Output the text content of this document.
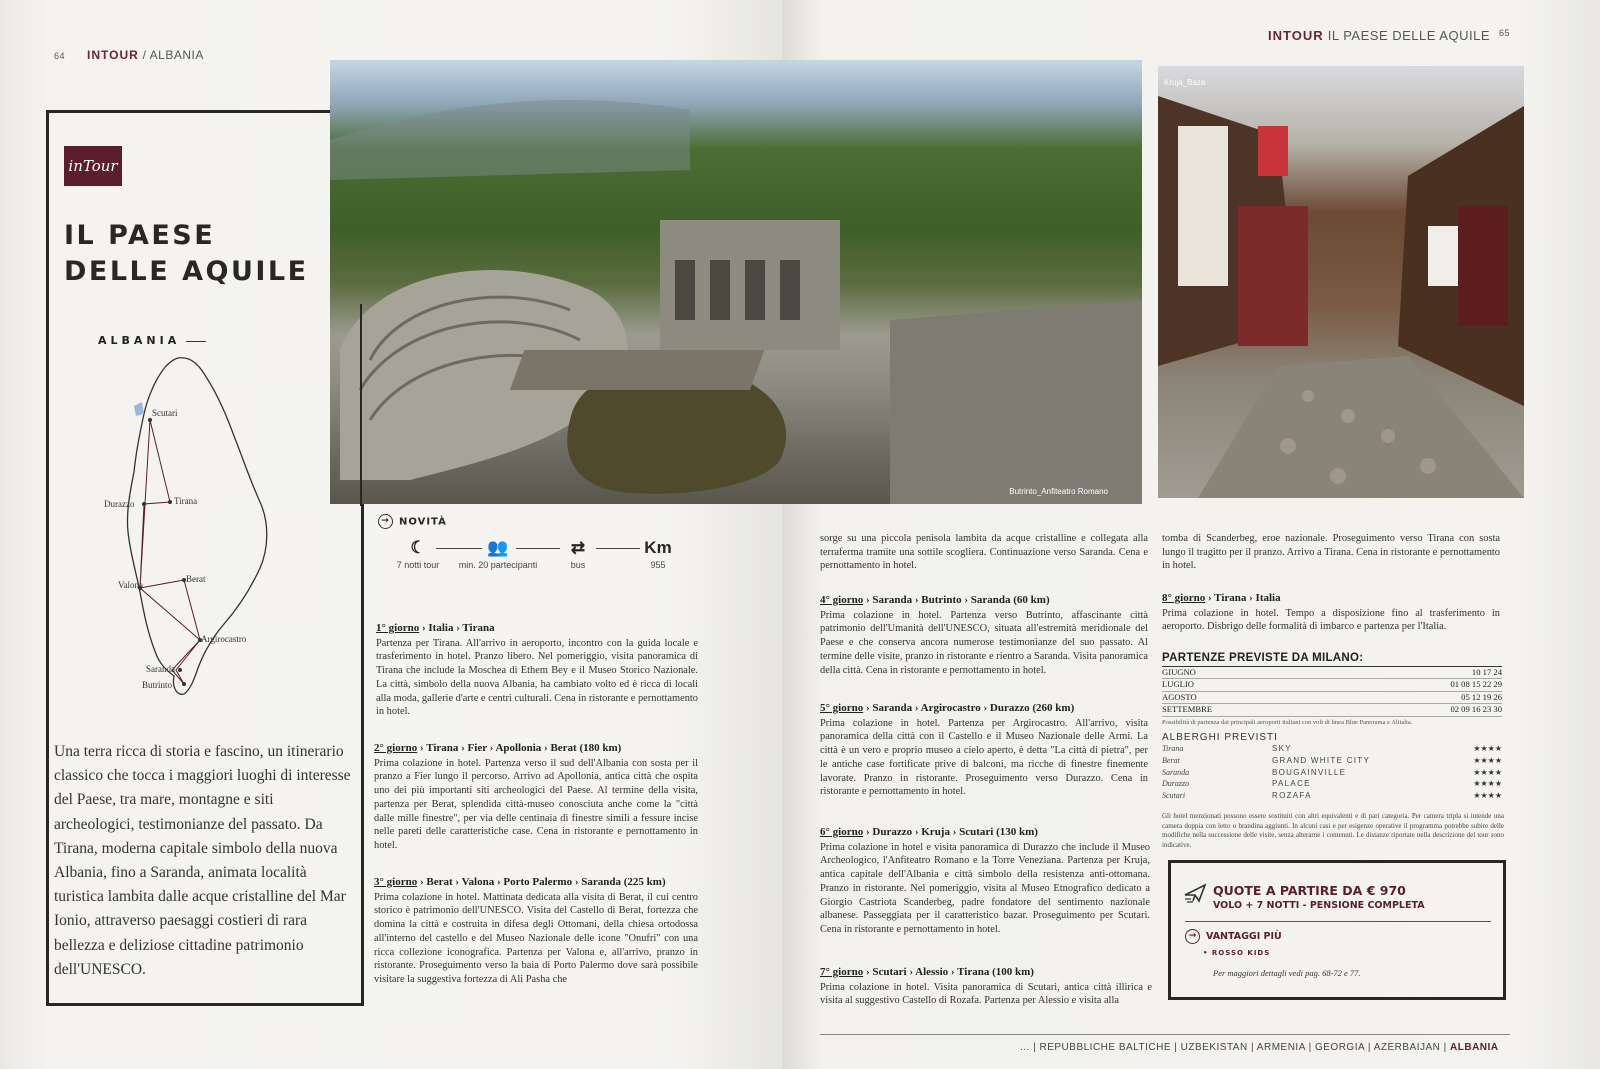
64 INTOUR / ALBANIA
INTOUR IL PAESE DELLE AQUILE 65
inTour
IL PAESE
DELLE AQUILE
ALBANIA
Scutari
Durazzo	Tirana
Valona
Berat
Argirocastro
Saranda
Butrinto
Una terra ricca di storia e fascino, un itinerario classico che tocca i maggiori luoghi di interesse del Paese, tra mare, montagne e siti archeologici, testimonianze del passato. Da Tirana, moderna capitale simbolo della nuova Albania, fino a Saranda, animata località turistica lambita dalle acque cristalline del Mar Ionio, attraverso paesaggi costieri di rara bellezza e deliziose cittadine patrimonio dell'UNESCO.
Butrinto_Anfiteatro Romano
Kruja_Baza
→ NOVITÀ
☾
7 notti tour
👥
min. 20 partecipanti
⇄
bus
Km
955
1° giorno › Italia › Tirana
Partenza per Tirana. All'arrivo in aeroporto, incontro con la guida locale e trasferimento in hotel. Pranzo libero. Nel pomeriggio, visita panoramica di Tirana che include la Moschea di Ethem Bey e il Museo Storico Nazionale. La città, simbolo della nuova Albania, ha cambiato volto ed è ricca di locali alla moda, gallerie d'arte e centri culturali. Cena in ristorante e pernottamento in hotel.
2° giorno › Tirana › Fier › Apollonia › Berat (180 km)
Prima colazione in hotel. Partenza verso il sud dell'Albania con sosta per il pranzo a Fier lungo il percorso. Arrivo ad Apollonia, antica città che ospita uno dei più importanti siti archeologici del Paese. Al termine della visita, partenza per Berat, splendida città-museo conosciuta anche come la "città dalle mille finestre", per via delle centinaia di finestre simili a fessure incise nelle pareti delle caratteristiche case. Cena in ristorante e pernottamento in hotel.
3° giorno › Berat › Valona › Porto Palermo › Saranda (225 km)
Prima colazione in hotel. Mattinata dedicata alla visita di Berat, il cui centro storico è patrimonio dell'UNESCO. Visita del Castello di Berat, fortezza che domina la città e costruita in difesa degli Ottomani, della chiesa ortodossa all'interno del castello e del Museo Nazionale delle icone "Onufri" con una ricca collezione iconografica. Partenza per Valona e, all'arrivo, pranzo in ristorante. Proseguimento verso la baia di Porto Palermo dove sarà possibile visitare la suggestiva fortezza di Ali Pasha che
sorge su una piccola penisola lambita da acque cristalline e collegata alla terraferma tramite una sottile scogliera. Continuazione verso Saranda. Cena e pernottamento in hotel.
4° giorno › Saranda › Butrinto › Saranda (60 km)
Prima colazione in hotel. Partenza verso Butrinto, affascinante città patrimonio dell'Umanità dell'UNESCO, situata all'estremità meridionale del Paese e che conserva ancora numerose testimonianze del suo passato. Al termine delle visite, pranzo in ristorante e rientro a Saranda. Visita panoramica della città. Cena in ristorante e pernottamento in hotel.
5° giorno › Saranda › Argirocastro › Durazzo (260 km)
Prima colazione in hotel. Partenza per Argirocastro. All'arrivo, visita panoramica della città con il Castello e il Museo Nazionale delle Armi. La città è un vero e proprio museo a cielo aperto, è detta "La città di pietra", per le antiche case fortificate prive di balconi, ma ricche di finestre finemente lavorate. Pranzo in ristorante. Proseguimento verso Durazzo. Cena in ristorante e pernottamento in hotel.
6° giorno › Durazzo › Kruja › Scutari (130 km)
Prima colazione in hotel e visita panoramica di Durazzo che include il Museo Archeologico, l'Anfiteatro Romano e la Torre Veneziana. Partenza per Kruja, antica capitale dell'Albania e città simbolo della resistenza anti-ottomana. Pranzo in ristorante. Nel pomeriggio, visita al Museo Etnografico dedicato a Giorgio Castriota Scanderbeg, padre fondatore del sentimento nazionale albanese. Passeggiata per il caratteristico bazar. Proseguimento per Scutari. Cena in ristorante e pernottamento in hotel.
7° giorno › Scutari › Alessio › Tirana (100 km)
Prima colazione in hotel. Visita panoramica di Scutari, antica città illirica e visita al suggestivo Castello di Rozafa. Partenza per Alessio e visita alla
tomba di Scanderbeg, eroe nazionale. Proseguimento verso Tirana con sosta lungo il tragitto per il pranzo. Arrivo a Tirana. Cena in ristorante e pernottamento in hotel.
8° giorno › Tirana › Italia
Prima colazione in hotel. Tempo a disposizione fino al trasferimento in aeroporto. Disbrigo delle formalità di imbarco e partenza per l'Italia.
PARTENZE PREVISTE DA MILANO:
GIUGNO	10 17 24
LUGLIO	01 08 15 22 29
AGOSTO	05 12 19 26
SETTEMBRE	02 09 16 23 30
Possibilità di partenza dai principali aeroporti italiani con voli di linea Blue Panorama e Alitalia.
ALBERGHI PREVISTI
Tirana	SKY	★★★★
Berat	GRAND WHITE CITY	★★★★
Saranda	BOUGAINVILLE	★★★★
Durazzo	PALACE	★★★★
Scutari	ROZAFA	★★★★
Gli hotel menzionati possono essere sostituiti con altri equivalenti e di pari categoria. Per camera tripla si intende una camera doppia con letto o brandina aggiunti. In alcuni casi e per esigenze operative il programma potrebbe subire delle modifiche nella successione delle visite, senza alterarne i contenuti. Le distanze riportate nella descrizione del tour sono indicative.
QUOTE A PARTIRE DA € 970
VOLO + 7 NOTTI - PENSIONE COMPLETA
→ VANTAGGI PIÙ
• ROSSO KIDS
Per maggiori dettagli vedi pag. 68-72 e 77.
... | REPUBBLICHE BALTICHE | UZBEKISTAN | ARMENIA | GEORGIA | AZERBAIJAN | ALBANIA
